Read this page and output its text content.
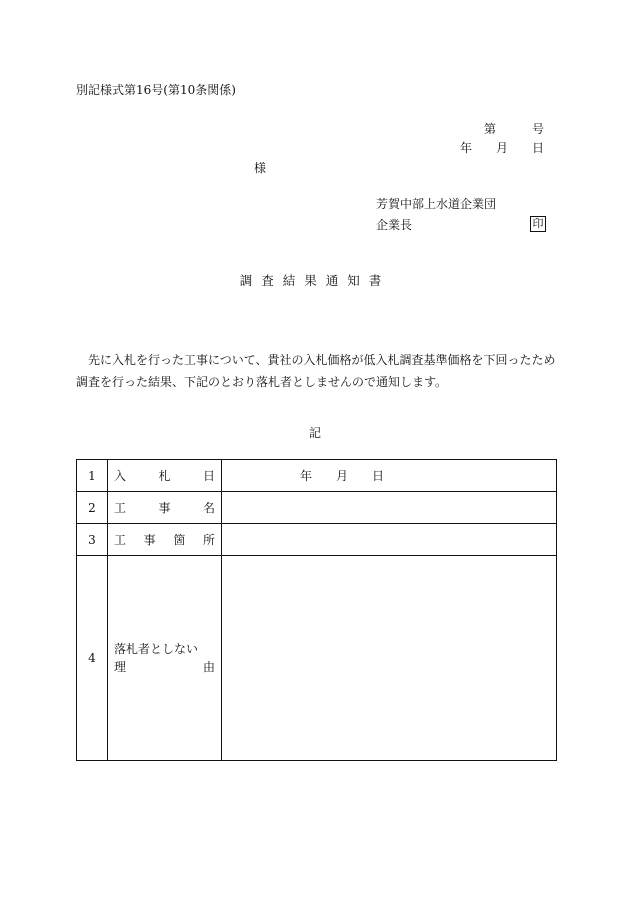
別記様式第16号(第10条関係)
第　　　号
年　　月　　日
様
芳賀中部上水道企業団
企業長	印
調査結果通知書
先に入札を行った工事について、貴社の入札価格が低入札調査基準価格を下回ったため調査を行った結果、下記のとおり落札者としませんので通知します。
記
1	入 札 日	年　　月　　日
2	工 事 名	

3	工 事 箇 所	

4	落札者としない
理 由	
